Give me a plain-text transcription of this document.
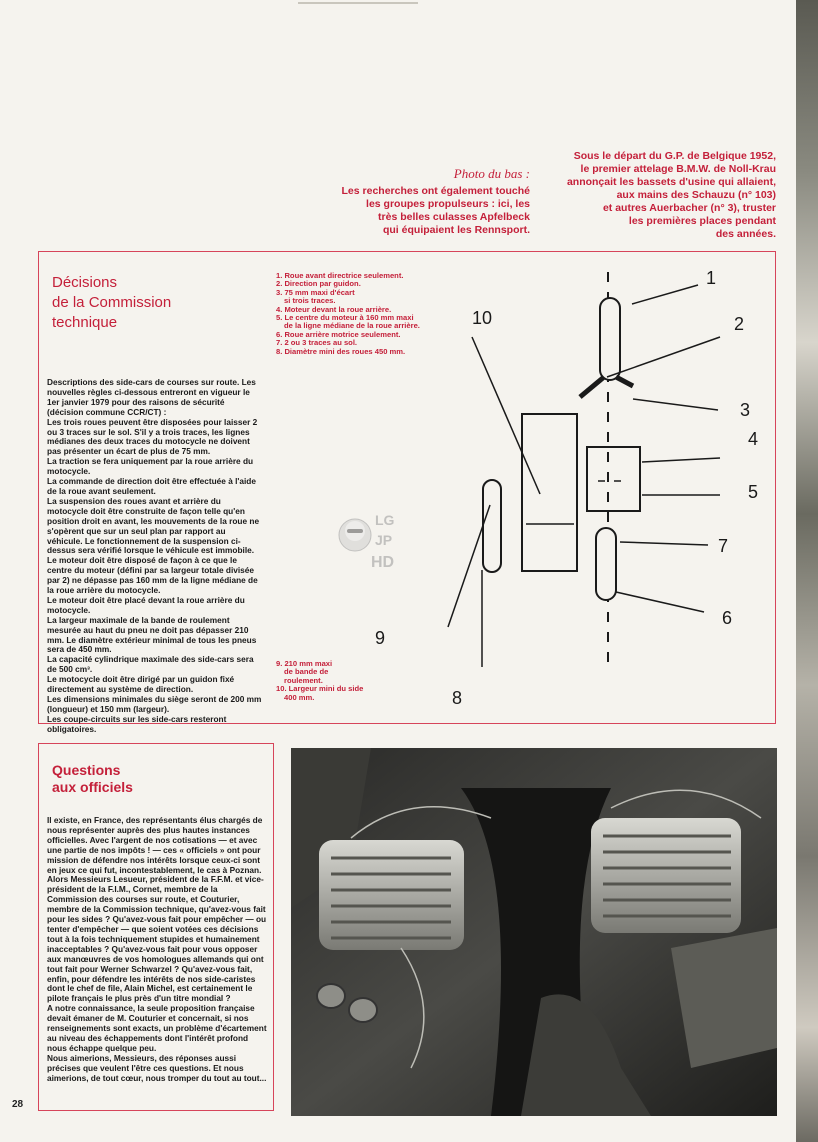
Photo du bas :
Les recherches ont également touché
les groupes propulseurs : ici, les
très belles culasses Apfelbeck
qui équipaient les Rennsport.
Sous le départ du G.P. de Belgique 1952,
le premier attelage B.M.W. de Noll-Krau
annonçait les bassets d'usine qui allaient,
aux mains des Schauzu (n° 103)
et autres Auerbacher (n° 3), truster
les premières places pendant
des années.
Décisions
de la Commission
technique

Descriptions des side-cars de courses sur route. Les nouvelles règles ci-dessous entreront en vigueur le 1er janvier 1979 pour des raisons de sécurité (décision commune CCR/CT) :

Les trois roues peuvent être disposées pour laisser 2 ou 3 traces sur le sol. S'il y a trois traces, les lignes médianes des deux traces du motocycle ne doivent pas présenter un écart de plus de 75 mm.

La traction se fera uniquement par la roue arrière du motocycle.

La commande de direction doit être effectuée à l'aide de la roue avant seulement.

La suspension des roues avant et arrière du motocycle doit être construite de façon telle qu'en position droit en avant, les mouvements de la roue ne s'opèrent que sur un seul plan par rapport au véhicule. Le fonctionnement de la suspension ci-dessus sera vérifié lorsque le véhicule est immobile.

Le moteur doit être disposé de façon à ce que le centre du moteur (défini par sa largeur totale divisée par 2) ne dépasse pas 160 mm de la ligne médiane de la roue arrière du motocycle.

Le moteur doit être placé devant la roue arrière du motocycle.

La largeur maximale de la bande de roulement mesurée au haut du pneu ne doit pas dépasser 210 mm. Le diamètre extérieur minimal de tous les pneus sera de 450 mm.

La capacité cylindrique maximale des side-cars sera de 500 cm³.

Le motocycle doit être dirigé par un guidon fixé directement au système de direction.

Les dimensions minimales du siège seront de 200 mm (longueur) et 150 mm (largeur).

Les coupe-circuits sur les side-cars resteront obligatoires.

1. Roue avant directrice seulement.

2. Direction par guidon.

3. 75 mm maxi d'écart

si trois traces.

4. Moteur devant la roue arrière.

5. Le centre du moteur à 160 mm maxi

de la ligne médiane de la roue arrière.

6. Roue arrière motrice seulement.

7. 2 ou 3 traces au sol.

8. Diamètre mini des roues 450 mm.

9. 210 mm maxi

de bande de

roulement.

10. Largeur mini du side

400 mm.

LG
JP
HD
1
2
3
4
5
7
6
8
9
10
Questions
aux officiels

Il existe, en France, des représentants élus chargés de nous représenter auprès des plus hautes instances officielles. Avec l'argent de nos cotisations — et avec une partie de nos impôts ! — ces « officiels » ont pour mission de défendre nos intérêts lorsque ceux-ci sont en jeux ce qui fut, incontestablement, le cas à Poznan.

Alors Messieurs Lesueur, président de la F.F.M. et vice-président de la F.I.M., Cornet, membre de la Commission des courses sur route, et Couturier, membre de la Commission technique, qu'avez-vous fait pour les sides ? Qu'avez-vous fait pour empêcher — ou tenter d'empêcher — que soient votées ces décisions tout à la fois techniquement stupides et humainement inacceptables ? Qu'avez-vous fait pour vous opposer aux manœuvres de vos homologues allemands qui ont tout fait pour Werner Schwarzel ? Qu'avez-vous fait, enfin, pour défendre les intérêts de nos side-caristes dont le chef de file, Alain Michel, est certainement le pilote français le plus près d'un titre mondial ?

A notre connaissance, la seule proposition française devait émaner de M. Couturier et concernait, si nos renseignements sont exacts, un problème d'écartement au niveau des échappements dont l'intérêt profond nous échappe quelque peu.

Nous aimerions, Messieurs, des réponses aussi précises que veulent l'être ces questions. Et nous aimerions, de tout cœur, nous tromper du tout au tout...

28
